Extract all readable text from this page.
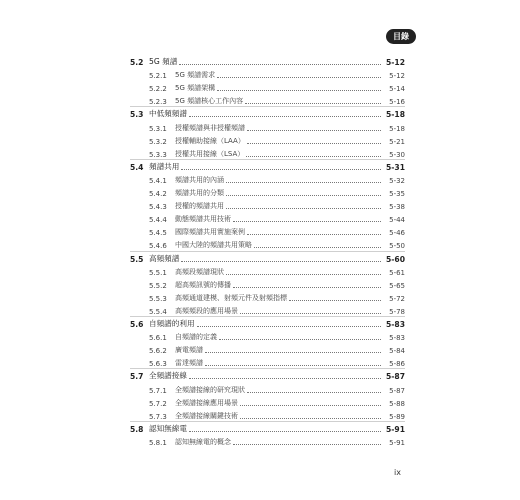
目錄
5.2 5G 頻譜	5-12
5.2.1	5G 頻譜需求	5-12
5.2.2	5G 頻譜架構	5-14
5.2.3	5G 頻譜核心工作內容	5-16
5.3 中低頻頻譜	5-18
5.3.1	授權頻譜與非授權頻譜	5-18
5.3.2	授權輔助接線（LAA）	5-21
5.3.3	授權共用接線（LSA）	5-30
5.4 頻譜共用	5-31
5.4.1	頻譜共用的內涵	5-32
5.4.2	頻譜共用的分類	5-35
5.4.3	授權的頻譜共用	5-38
5.4.4	動態頻譜共用技術	5-44
5.4.5	國際頻譜共用實施案例	5-46
5.4.6	中國大陸的頻譜共用策略	5-50
5.5 高頻頻譜	5-60
5.5.1	高頻段頻譜現狀	5-61
5.5.2	超高頻訊號的傳播	5-65
5.5.3	高頻通道建模、射頻元件及射頻指標	5-72
5.5.4	高頻頻段的應用場景	5-78
5.6 自頻譜的利用	5-83
5.6.1	自頻譜的定義	5-83
5.6.2	廣電頻譜	5-84
5.6.3	雷達頻譜	5-86
5.7 全頻譜接線	5-87
5.7.1	全頻譜接線的研究現狀	5-87
5.7.2	全頻譜接線應用場景	5-88
5.7.3	全頻譜接線關鍵技術	5-89
5.8 認知無線電	5-91
5.8.1	認知無線電的概念	5-91
ix
